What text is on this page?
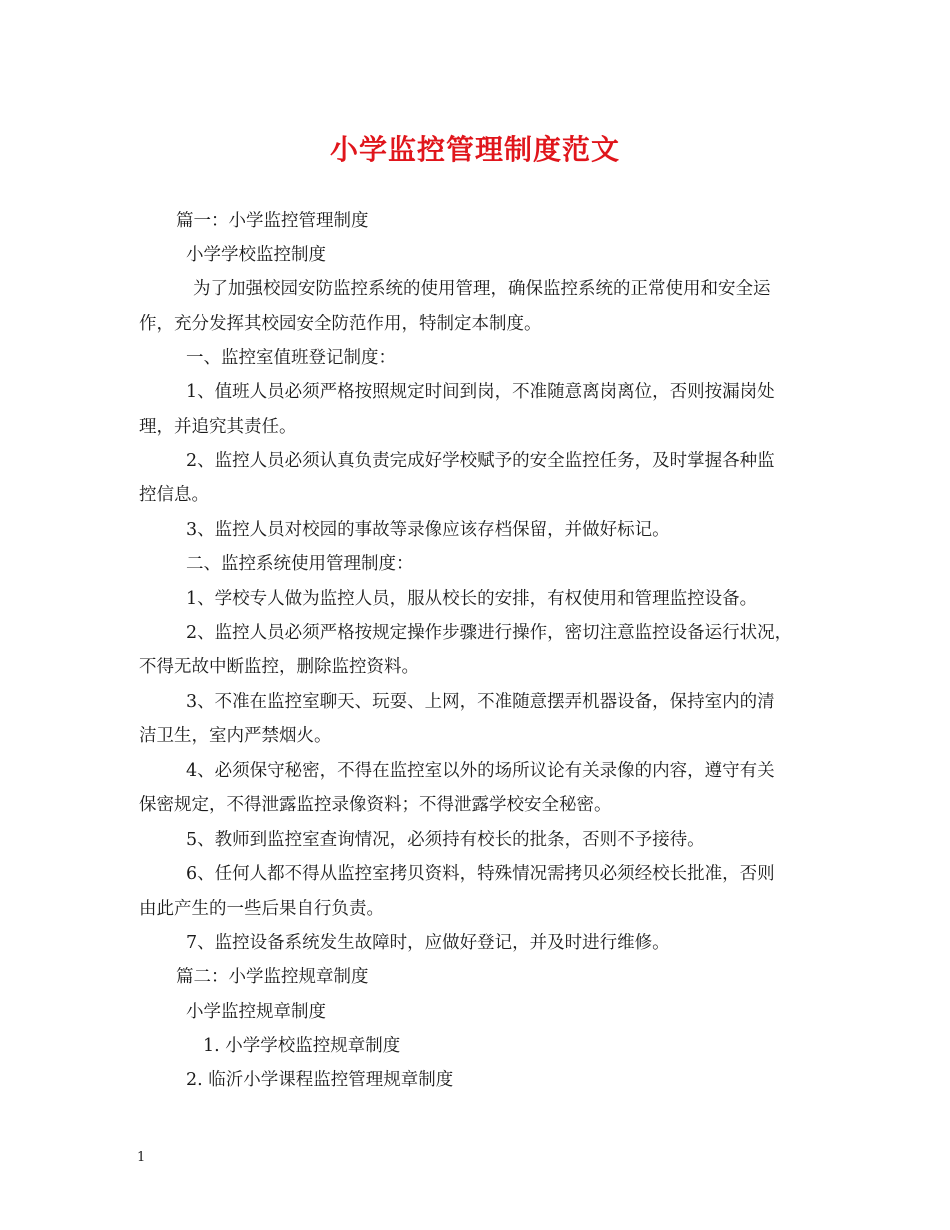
小学监控管理制度范文
篇一：小学监控管理制度
小学学校监控制度
为了加强校园安防监控系统的使用管理，确保监控系统的正常使用和安全运
作，充分发挥其校园安全防范作用，特制定本制度。
一、监控室值班登记制度：
1、值班人员必须严格按照规定时间到岗，不准随意离岗离位，否则按漏岗处
理，并追究其责任。
2、监控人员必须认真负责完成好学校赋予的安全监控任务，及时掌握各种监
控信息。
3、监控人员对校园的事故等录像应该存档保留，并做好标记。
二、监控系统使用管理制度：
1、学校专人做为监控人员，服从校长的安排，有权使用和管理监控设备。
2、监控人员必须严格按规定操作步骤进行操作，密切注意监控设备运行状况，
不得无故中断监控，删除监控资料。
3、不准在监控室聊天、玩耍、上网，不准随意摆弄机器设备，保持室内的清
洁卫生，室内严禁烟火。
4、必须保守秘密，不得在监控室以外的场所议论有关录像的内容，遵守有关
保密规定，不得泄露监控录像资料；不得泄露学校安全秘密。
5、教师到监控室查询情况，必须持有校长的批条，否则不予接待。
6、任何人都不得从监控室拷贝资料，特殊情况需拷贝必须经校长批准，否则
由此产生的一些后果自行负责。
7、监控设备系统发生故障时，应做好登记，并及时进行维修。
篇二：小学监控规章制度
小学监控规章制度
1. 小学学校监控规章制度
2. 临沂小学课程监控管理规章制度
1
